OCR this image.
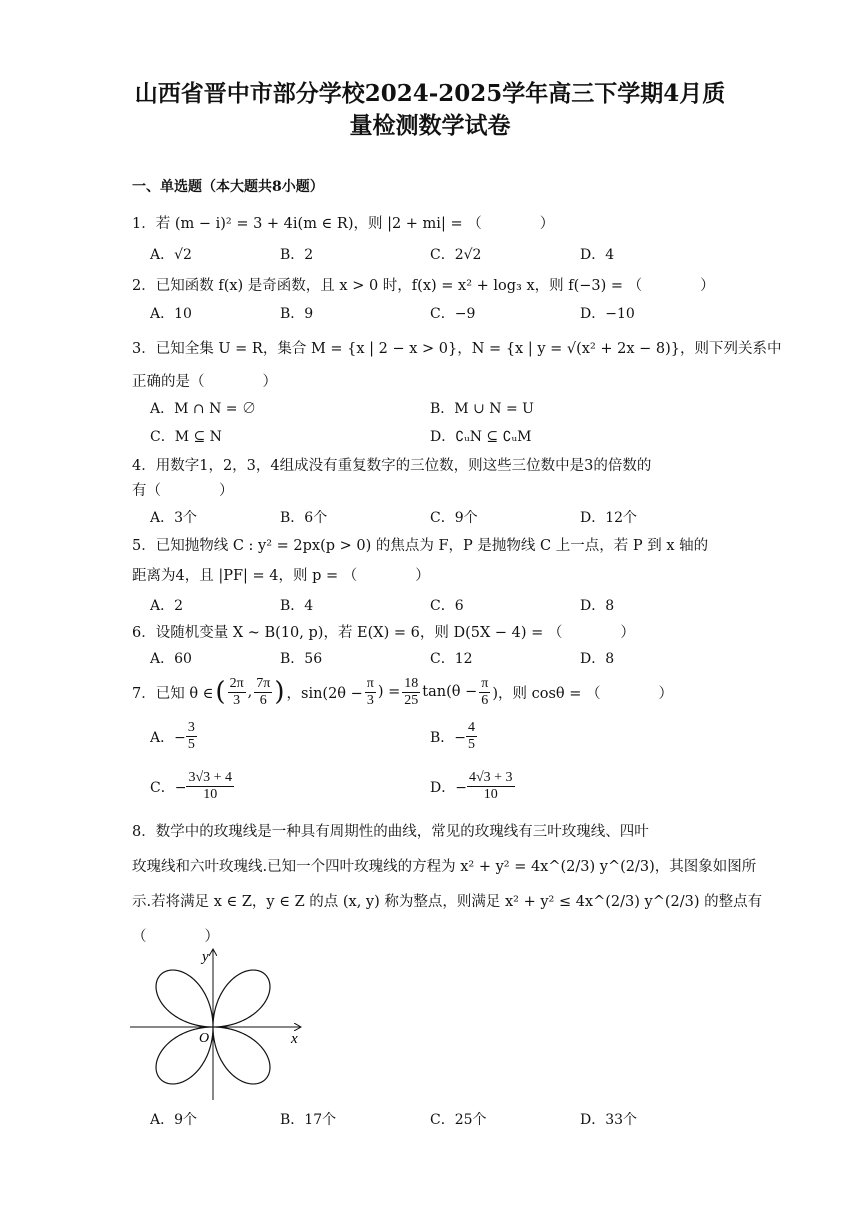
山西省晋中市部分学校2024-2025学年高三下学期4月质
量检测数学试卷
一、单选题（本大题共8小题）
1．若 (m − i)² = 3 + 4i(m ∈ R)，则 |2 + mi| = （　　　　）
A．√2	B．2	C．2√2	D．4
2．已知函数 f(x) 是奇函数，且 x > 0 时，f(x) = x² + log₃ x，则 f(−3) = （　　　　）
A．10	B．9	C．−9	D．−10
3．已知全集 U = R，集合 M = {x | 2 − x > 0}，N = {x | y = √(x² + 2x − 8)}，则下列关系中
正确的是（　　　　）
A．M ∩ N = ∅	B．M ∪ N = U
C．M ⊆ N	D．∁ᵤN ⊆ ∁ᵤM
4．用数字1，2，3，4组成没有重复数字的三位数，则这些三位数中是3的倍数的
有（　　　　）
A．3个	B．6个	C．9个	D．12个
5．已知抛物线 C : y² = 2px(p > 0) 的焦点为 F，P 是抛物线 C 上一点，若 P 到 x 轴的
距离为4，且 |PF| = 4，则 p = （　　　　）
A．2	B．4	C．6	D．8
6．设随机变量 X ~ B(10, p)，若 E(X) = 6，则 D(5X − 4) = （　　　　）
A．60	B．56	C．12	D．8
7．已知 θ ∈ ( $\frac{2\pi}{3}$ , $\frac{7\pi}{6}$ ) ，$\sin(2\theta - \frac{\pi}{3}$ ) = $\frac{18}{25} \tan(\theta - \frac{\pi}{6}$ )，则 cosθ = （　　　　）
A．− $\frac{3}{5}$	B．− $\frac{4}{5}$
C．− $\frac{3√3 + 4}{10}$	D．− $\frac{4√3 + 3}{10}$
8．数学中的玫瑰线是一种具有周期性的曲线，常见的玫瑰线有三叶玫瑰线、四叶
玫瑰线和六叶玫瑰线.已知一个四叶玫瑰线的方程为 x² + y² = 4x^(2/3) y^(2/3)，其图象如图所
示.若将满足 x ∈ Z，y ∈ Z 的点 (x, y) 称为整点，则满足 x² + y² ≤ 4x^(2/3) y^(2/3) 的整点有
（　　　　）
x
y
O
A．9个	B．17个	C．25个	D．33个
